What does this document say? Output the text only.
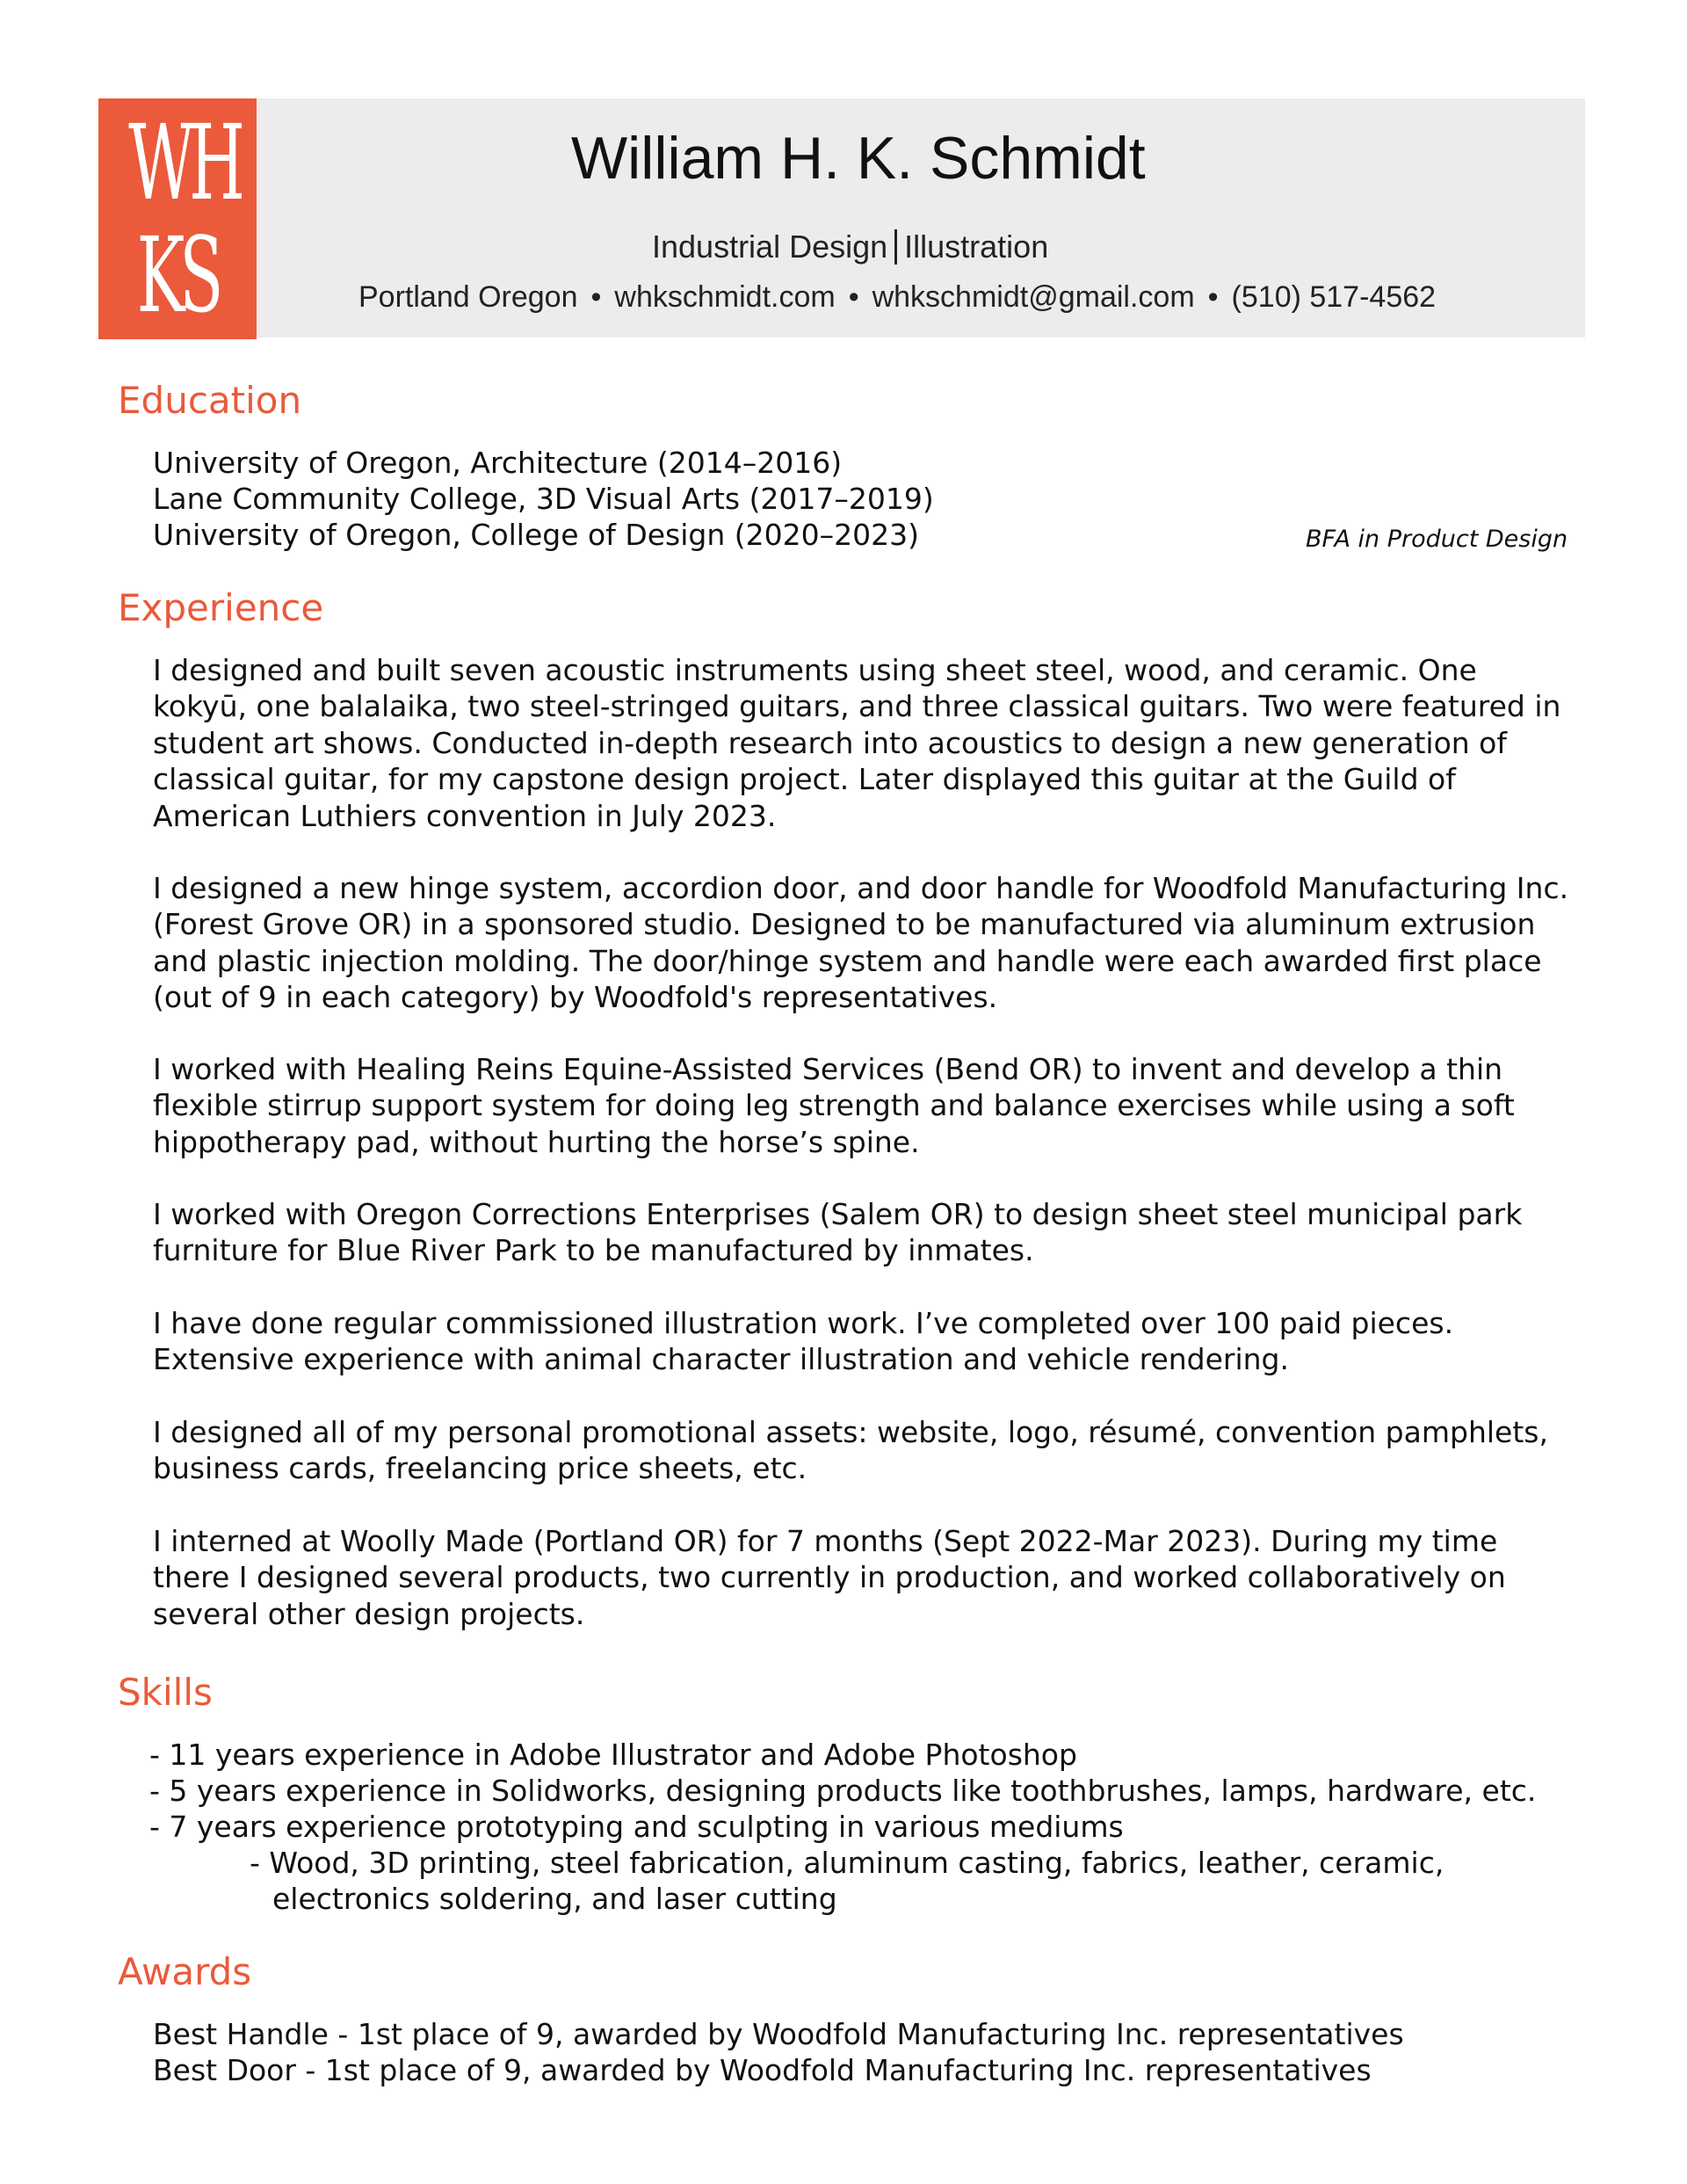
WH
KS
William H. K. Schmidt
Industrial Design Illustration
Portland Oregon • whkschmidt.com • whkschmidt@gmail.com • (510) 517-4562
Education
University of Oregon, Architecture (2014–2016)
Lane Community College, 3D Visual Arts (2017–2019)
University of Oregon, College of Design (2020–2023)	BFA in Product Design
Experience
I designed and built seven acoustic instruments using sheet steel, wood, and ceramic. One kokyū, one balalaika, two steel-stringed guitars, and three classical guitars. Two were featured in student art shows. Conducted in-depth research into acoustics to design a new generation of classical guitar, for my capstone design project. Later displayed this guitar at the Guild of American Luthiers convention in July 2023.
I designed a new hinge system, accordion door, and door handle for Woodfold Manufacturing Inc. (Forest Grove OR) in a sponsored studio. Designed to be manufactured via aluminum extrusion and plastic injection molding. The door/hinge system and handle were each awarded first place (out of 9 in each category) by Woodfold's representatives.
I worked with Healing Reins Equine-Assisted Services (Bend OR) to invent and develop a thin flexible stirrup support system for doing leg strength and balance exercises while using a soft hippotherapy pad, without hurting the horse’s spine.
I worked with Oregon Corrections Enterprises (Salem OR) to design sheet steel municipal park furniture for Blue River Park to be manufactured by inmates.
I have done regular commissioned illustration work. I’ve completed over 100 paid pieces. Extensive experience with animal character illustration and vehicle rendering.
I designed all of my personal promotional assets: website, logo, résumé, convention pamphlets, business cards, freelancing price sheets, etc.
I interned at Woolly Made (Portland OR) for 7 months (Sept 2022-Mar 2023). During my time there I designed several products, two currently in production, and worked collaboratively on several other design projects.
Skills
- 11 years experience in Adobe Illustrator and Adobe Photoshop
- 5 years experience in Solidworks, designing products like toothbrushes, lamps, hardware, etc.
- 7 years experience prototyping and sculpting in various mediums
- Wood, 3D printing, steel fabrication, aluminum casting, fabrics, leather, ceramic,
electronics soldering, and laser cutting
Awards
Best Handle - 1st place of 9, awarded by Woodfold Manufacturing Inc. representatives
Best Door - 1st place of 9, awarded by Woodfold Manufacturing Inc. representatives
